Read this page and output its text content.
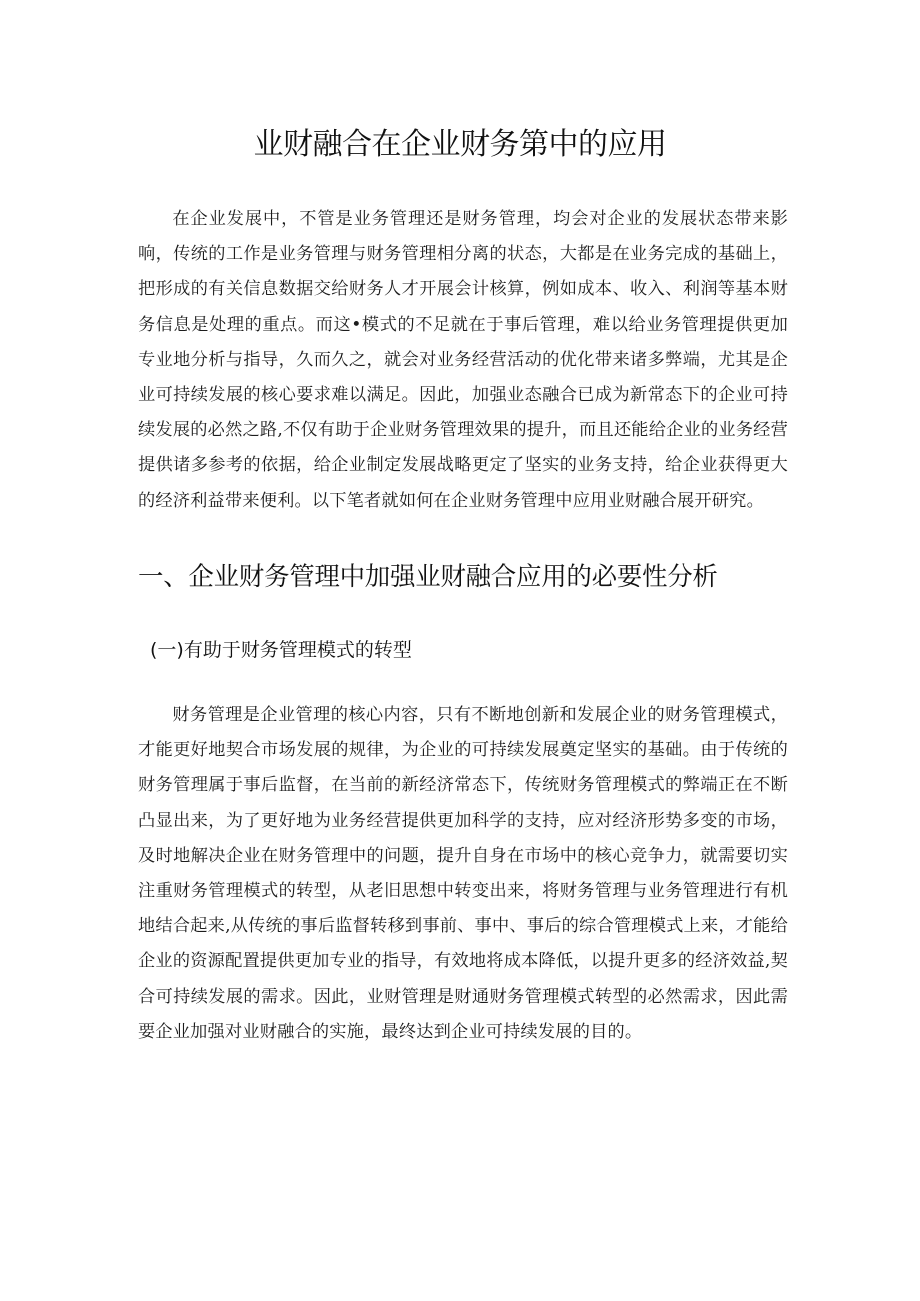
业财融合在企业财务第中的应用

在企业发展中，不管是业务管理还是财务管理，均会对企业的发展状态带来影响，传统的工作是业务管理与财务管理相分离的状态，大都是在业务完成的基础上，把形成的有关信息数据交给财务人才开展会计核算，例如成本、收入、利润等基本财务信息是处理的重点。而这•模式的不足就在于事后管理，难以给业务管理提供更加专业地分析与指导，久而久之，就会对业务经营活动的优化带来诸多弊端，尤其是企业可持续发展的核心要求难以满足。因此，加强业态融合已成为新常态下的企业可持续发展的必然之路,不仅有助于企业财务管理效果的提升，而且还能给企业的业务经营提供诸多参考的依据，给企业制定发展战略更定了坚实的业务支持，给企业获得更大的经济利益带来便利。以下笔者就如何在企业财务管理中应用业财融合展开研究。

一、企业财务管理中加强业财融合应用的必要性分析
(一)有助于财务管理模式的转型

财务管理是企业管理的核心内容，只有不断地创新和发展企业的财务管理模式，才能更好地契合市场发展的规律，为企业的可持续发展奠定坚实的基础。由于传统的财务管理属于事后监督，在当前的新经济常态下，传统财务管理模式的弊端正在不断凸显出来，为了更好地为业务经营提供更加科学的支持，应对经济形势多变的市场，及时地解决企业在财务管理中的问题，提升自身在市场中的核心竞争力，就需要切实注重财务管理模式的转型，从老旧思想中转变出来，将财务管理与业务管理进行有机地结合起来,从传统的事后监督转移到事前、事中、事后的综合管理模式上来，才能给企业的资源配置提供更加专业的指导，有效地将成本降低，以提升更多的经济效益,契合可持续发展的需求。因此，业财管理是财通财务管理模式转型的必然需求，因此需要企业加强对业财融合的实施，最终达到企业可持续发展的目的。
